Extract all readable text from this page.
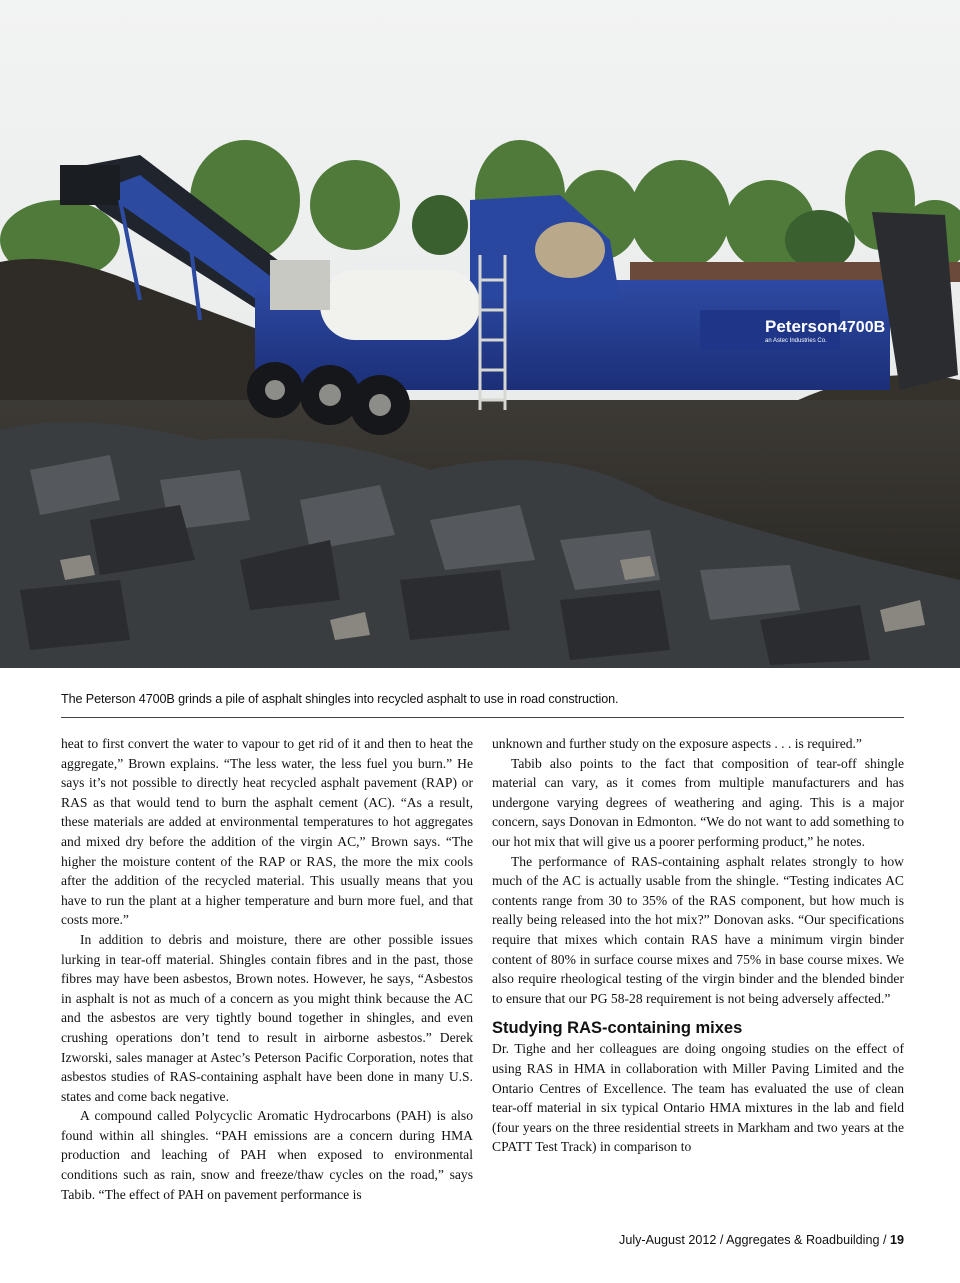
Peterson
an Astec Industries Co.
4700B
The Peterson 4700B grinds a pile of asphalt shingles into recycled asphalt to use in road construction.

heat to first convert the water to vapour to get rid of it and then to heat the aggregate,” Brown explains. “The less water, the less fuel you burn.” He says it’s not possible to directly heat recycled asphalt pavement (RAP) or RAS as that would tend to burn the asphalt cement (AC). “As a result, these materials are added at environmental temperatures to hot aggregates and mixed dry before the addition of the virgin AC,” Brown says. “The higher the moisture content of the RAP or RAS, the more the mix cools after the addition of the recycled material. This usually means that you have to run the plant at a higher temperature and burn more fuel, and that costs more.”

In addition to debris and moisture, there are other possible issues lurking in tear-off material. Shingles contain fibres and in the past, those fibres may have been asbestos, Brown notes. However, he says, “Asbestos in asphalt is not as much of a concern as you might think because the AC and the asbestos are very tightly bound together in shingles, and even crushing operations don’t tend to result in airborne asbestos.” Derek Izworski, sales manager at Astec’s Peterson Pacific Corporation, notes that asbestos studies of RAS-containing asphalt have been done in many U.S. states and come back negative.

A compound called Polycyclic Aromatic Hydrocarbons (PAH) is also found within all shingles. “PAH emissions are a concern during HMA production and leaching of PAH when exposed to environmental conditions such as rain, snow and freeze/thaw cycles on the road,” says Tabib. “The effect of PAH on pavement performance is

unknown and further study on the exposure aspects . . . is required.”

Tabib also points to the fact that composition of tear-off shingle material can vary, as it comes from multiple manufacturers and has undergone varying degrees of weathering and aging. This is a major concern, says Donovan in Edmonton. “We do not want to add something to our hot mix that will give us a poorer performing product,” he notes.

The performance of RAS-containing asphalt relates strongly to how much of the AC is actually usable from the shingle. “Testing indicates AC contents range from 30 to 35% of the RAS component, but how much is really being released into the hot mix?” Donovan asks. “Our specifications require that mixes which contain RAS have a minimum virgin binder content of 80% in surface course mixes and 75% in base course mixes. We also require rheological testing of the virgin binder and the blended binder to ensure that our PG 58-28 requirement is not being adversely affected.”

Studying RAS-containing mixes

Dr. Tighe and her colleagues are doing ongoing studies on the effect of using RAS in HMA in collaboration with Miller Paving Limited and the Ontario Centres of Excellence. The team has evaluated the use of clean tear-off material in six typical Ontario HMA mixtures in the lab and field (four years on the three residential streets in Markham and two years at the CPATT Test Track) in comparison to

July-August 2012 / Aggregates & Roadbuilding / 19
